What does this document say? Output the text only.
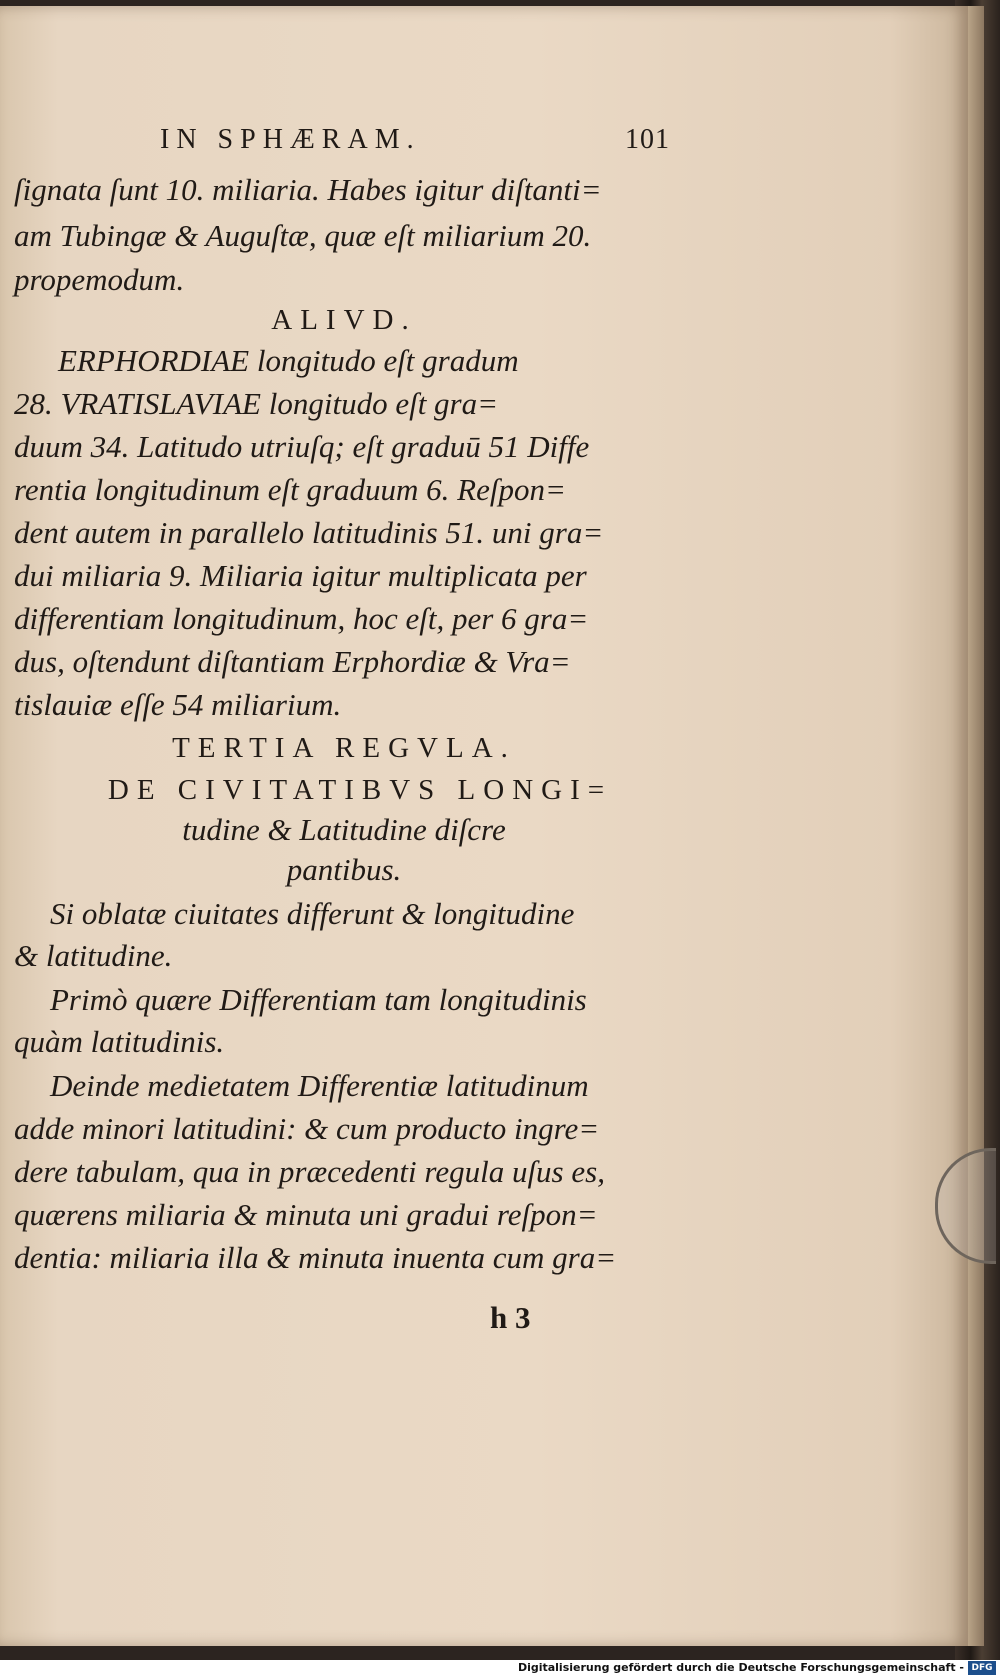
IN SPHÆRAM.	101
ſignata ſunt 10. miliaria. Habes igitur diſtanti=
am Tubingæ & Auguſtæ, quæ eſt miliarium 20.
propemodum.
ALIVD.
ERPHORDIAE longitudo eſt gradum
28. VRATISLAVIAE longitudo eſt gra=
duum 34. Latitudo utriuſq; eſt graduū 51 Diffe
rentia longitudinum eſt graduum 6. Reſpon=
dent autem in parallelo latitudinis 51. uni gra=
dui miliaria 9. Miliaria igitur multiplicata per
differentiam longitudinum, hoc eſt, per 6 gra=
dus, oſtendunt diſtantiam Erphordiæ & Vra=
tislauiæ eſſe 54 miliarium.
TERTIA REGVLA.
DE CIVITATIBVS LONGI=
tudine & Latitudine diſcre
pantibus.
Si oblatæ ciuitates differunt & longitudine
& latitudine.
Primò quære Differentiam tam longitudinis
quàm latitudinis.
Deinde medietatem Differentiæ latitudinum
adde minori latitudini: & cum producto ingre=
dere tabulam, qua in præcedenti regula uſus es,
quærens miliaria & minuta uni gradui reſpon=
dentia: miliaria illa & minuta inuenta cum gra=
h 3
Digitalisierung gefördert durch die Deutsche Forschungsgemeinschaft - DFG
